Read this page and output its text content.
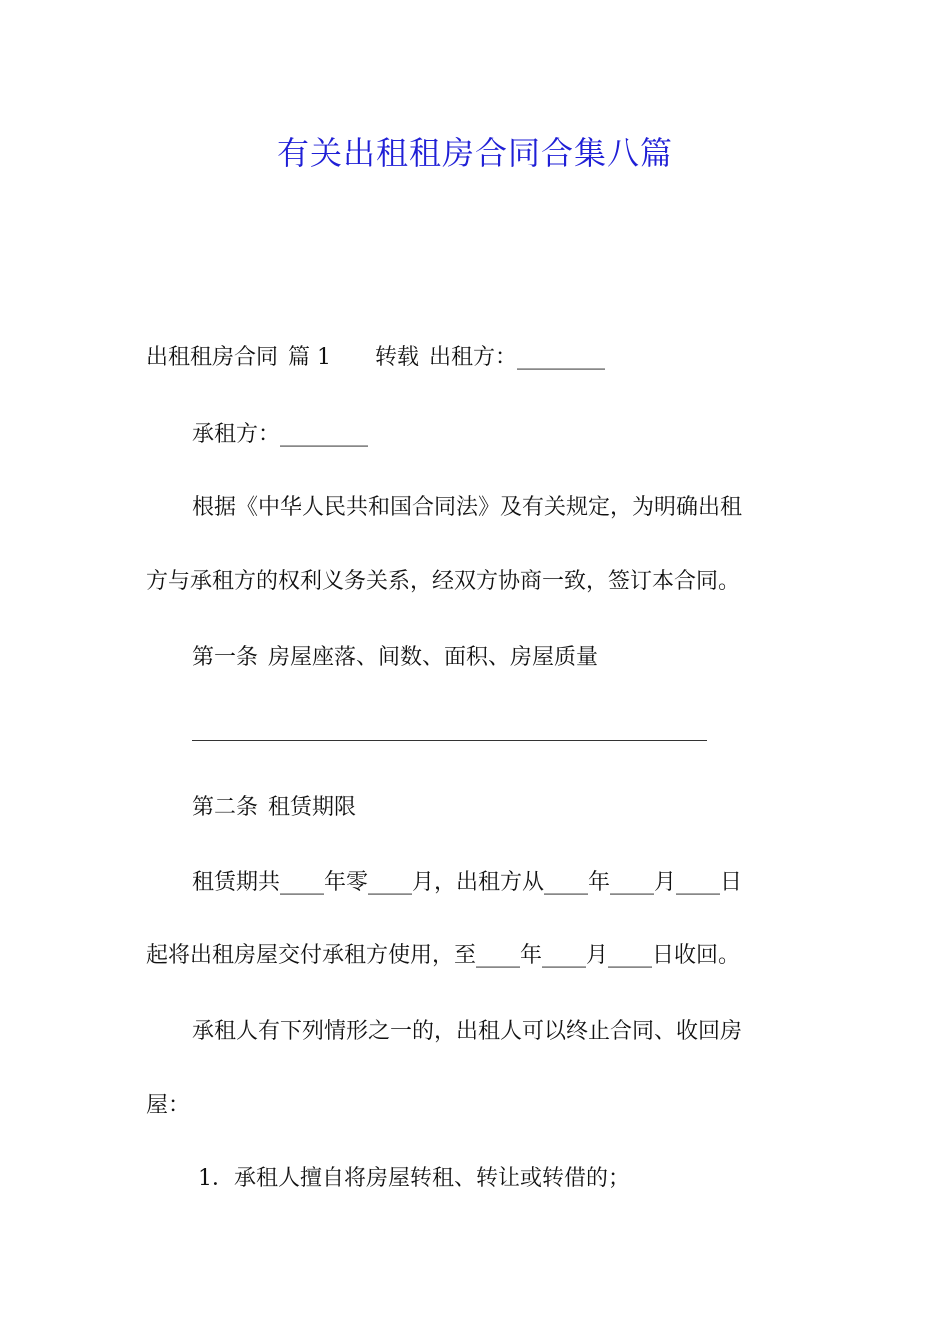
有关出租租房合同合集八篇

出租租房合同 篇 1 转载 出租方：________

承租方：________

根据《中华人民共和国合同法》及有关规定，为明确出租

方与承租方的权利义务关系，经双方协商一致，签订本合同。

第一条 房屋座落、间数、面积、房屋质量

第二条 租赁期限

租赁期共____年零____月，出租方从____年____月____日

起将出租房屋交付承租方使用，至____年____月____日收回。

承租人有下列情形之一的，出租人可以终止合同、收回房

屋：

1．承租人擅自将房屋转租、转让或转借的；
